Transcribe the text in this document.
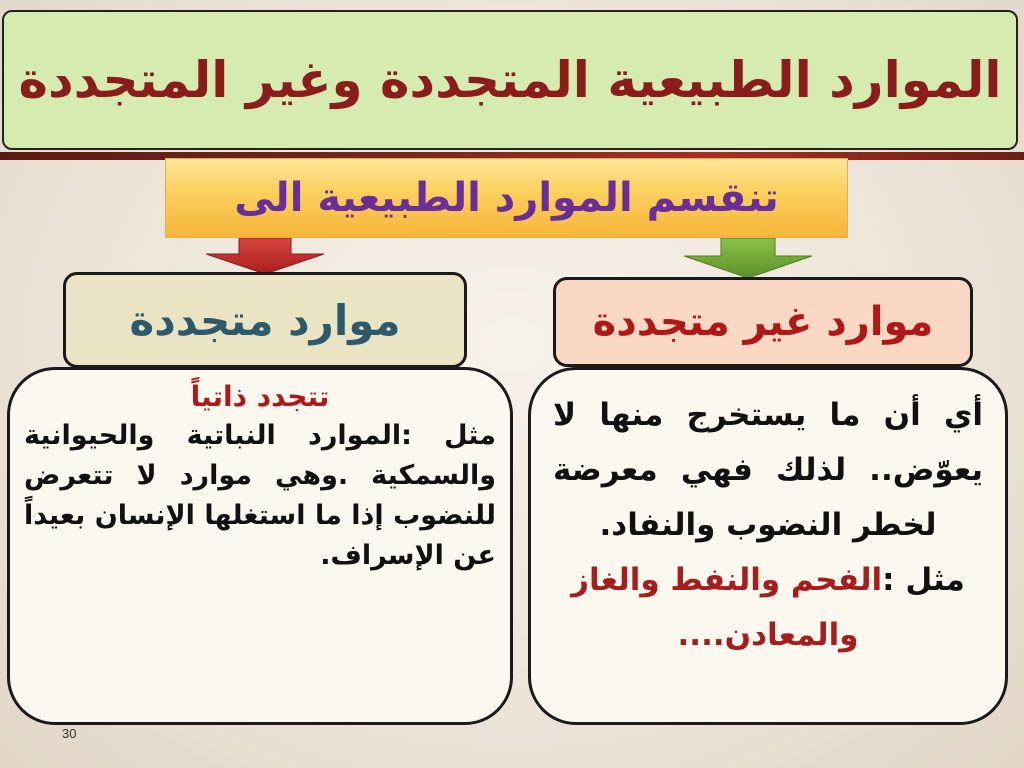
الموارد الطبيعية المتجددة وغير المتجددة
تنقسم الموارد الطبيعية الى
موارد متجددة	موارد غير متجددة
تتجدد ذاتياً
مثل :الموارد النباتية والحيوانية والسمكية .وهي موارد لا تتعرض للنضوب إذا ما استغلها الإنسان بعيداً عن الإسراف.
أي أن ما يستخرج منها لا يعوّض.. لذلك فهي معرضة لخطر النضوب والنفاد.
مثل :الفحم والنفط والغاز
والمعادن....
30
